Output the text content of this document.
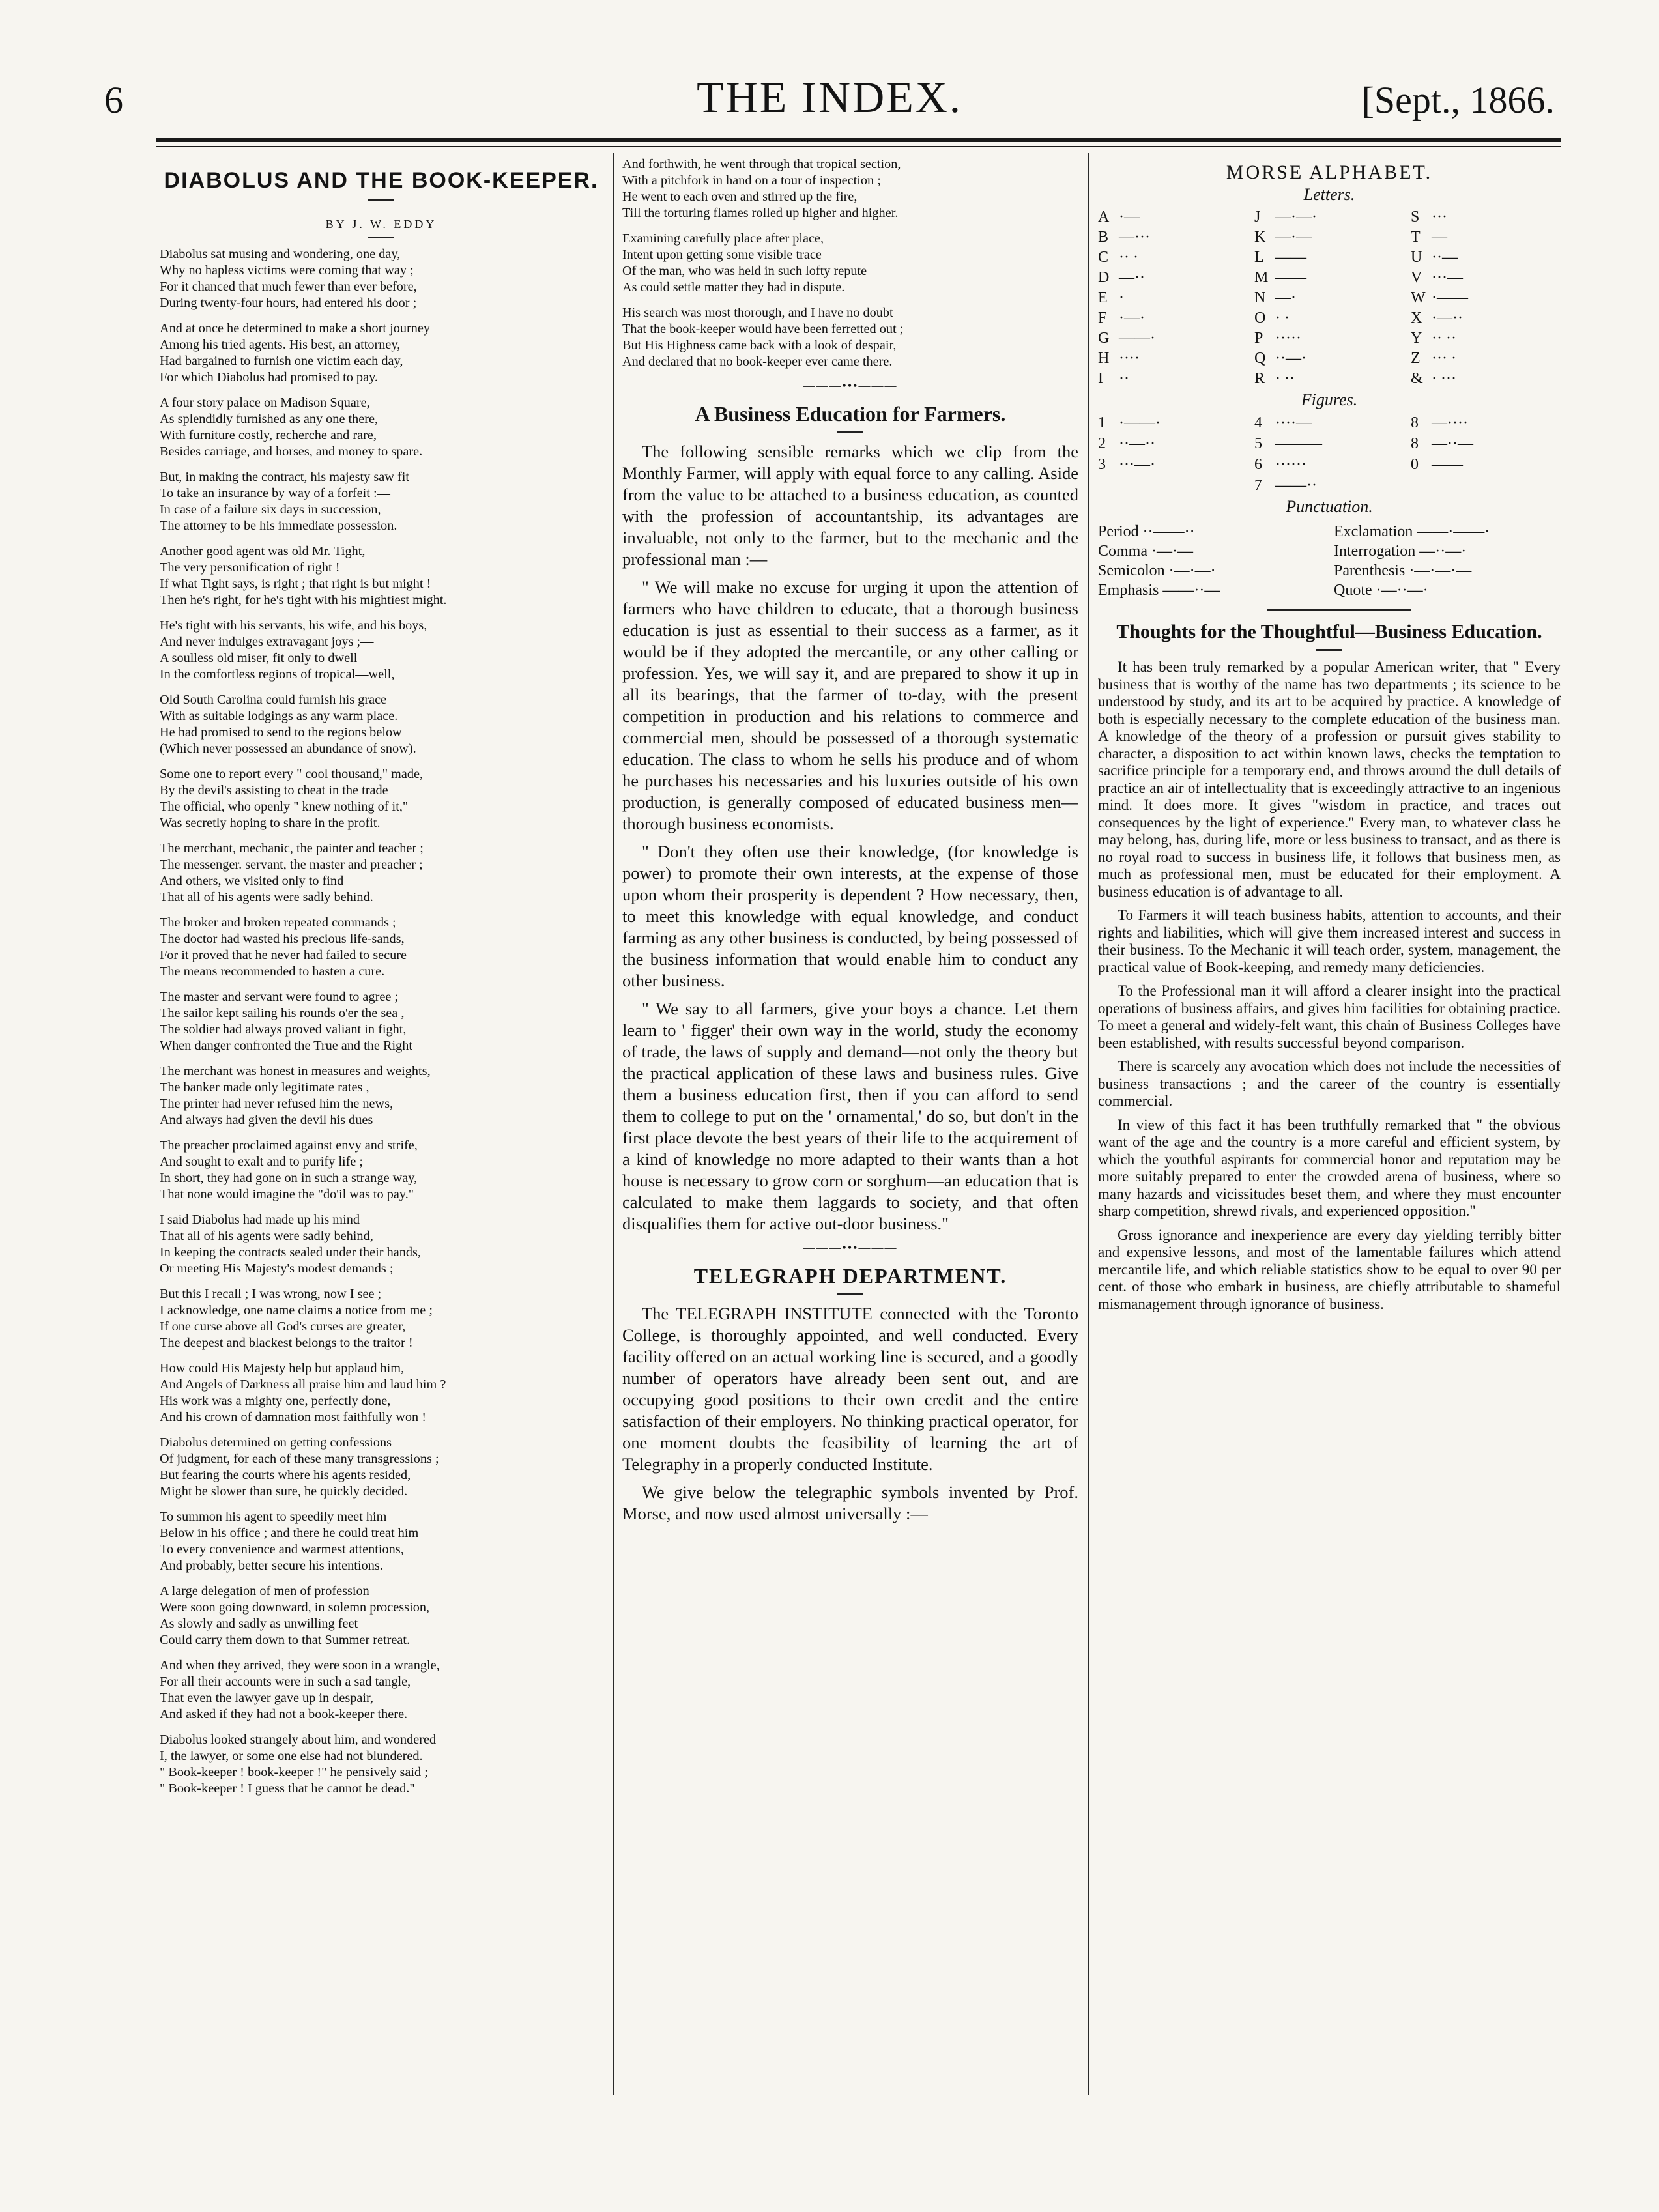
6	THE INDEX.	[Sept., 1866.
DIABOLUS AND THE BOOK-KEEPER.
BY J. W. EDDY
Diabolus sat musing and wondering, one day,
Why no hapless victims were coming that way ;
For it chanced that much fewer than ever before,
During twenty-four hours, had entered his door ;
And at once he determined to make a short journey
Among his tried agents. His best, an attorney,
Had bargained to furnish one victim each day,
For which Diabolus had promised to pay.
A four story palace on Madison Square,
As splendidly furnished as any one there,
With furniture costly, recherche and rare,
Besides carriage, and horses, and money to spare.
But, in making the contract, his majesty saw fit
To take an insurance by way of a forfeit :—
In case of a failure six days in succession,
The attorney to be his immediate possession.
Another good agent was old Mr. Tight,
The very personification of right !
If what Tight says, is right ; that right is but might !
Then he's right, for he's tight with his mightiest might.
He's tight with his servants, his wife, and his boys,
And never indulges extravagant joys ;—
A soulless old miser, fit only to dwell
In the comfortless regions of tropical—well,
Old South Carolina could furnish his grace
With as suitable lodgings as any warm place.
He had promised to send to the regions below
(Which never possessed an abundance of snow).
Some one to report every " cool thousand," made,
By the devil's assisting to cheat in the trade
The official, who openly " knew nothing of it,"
Was secretly hoping to share in the profit.
The merchant, mechanic, the painter and teacher ;
The messenger. servant, the master and preacher ;
And others, we visited only to find
That all of his agents were sadly behind.
The broker and broken repeated commands ;
The doctor had wasted his precious life-sands,
For it proved that he never had failed to secure
The means recommended to hasten a cure.
The master and servant were found to agree ;
The sailor kept sailing his rounds o'er the sea ,
The soldier had always proved valiant in fight,
When danger confronted the True and the Right
The merchant was honest in measures and weights,
The banker made only legitimate rates ,
The printer had never refused him the news,
And always had given the devil his dues
The preacher proclaimed against envy and strife,
And sought to exalt and to purify life ;
In short, they had gone on in such a strange way,
That none would imagine the "do'il was to pay."
I said Diabolus had made up his mind
That all of his agents were sadly behind,
In keeping the contracts sealed under their hands,
Or meeting His Majesty's modest demands ;
But this I recall ; I was wrong, now I see ;
I acknowledge, one name claims a notice from me ;
If one curse above all God's curses are greater,
The deepest and blackest belongs to the traitor !
How could His Majesty help but applaud him,
And Angels of Darkness all praise him and laud him ?
His work was a mighty one, perfectly done,
And his crown of damnation most faithfully won !
Diabolus determined on getting confessions
Of judgment, for each of these many transgressions ;
But fearing the courts where his agents resided,
Might be slower than sure, he quickly decided.
To summon his agent to speedily meet him
Below in his office ; and there he could treat him
To every convenience and warmest attentions,
And probably, better secure his intentions.
A large delegation of men of profession
Were soon going downward, in solemn procession,
As slowly and sadly as unwilling feet
Could carry them down to that Summer retreat.
And when they arrived, they were soon in a wrangle,
For all their accounts were in such a sad tangle,
That even the lawyer gave up in despair,
And asked if they had not a book-keeper there.
Diabolus looked strangely about him, and wondered
I, the lawyer, or some one else had not blundered.
" Book-keeper ! book-keeper !" he pensively said ;
" Book-keeper ! I guess that he cannot be dead."
And forthwith, he went through that tropical section,
With a pitchfork in hand on a tour of inspection ;
He went to each oven and stirred up the fire,
Till the torturing flames rolled up higher and higher.
Examining carefully place after place,
Intent upon getting some visible trace
Of the man, who was held in such lofty repute
As could settle matter they had in dispute.
His search was most thorough, and I have no doubt
That the book-keeper would have been ferretted out ;
But His Highness came back with a look of despair,
And declared that no book-keeper ever came there.
———•••———
A Business Education for Farmers.

The following sensible remarks which we clip from the Monthly Farmer, will apply with equal force to any calling. Aside from the value to be attached to a business education, as counted with the profession of accountantship, its advantages are invaluable, not only to the farmer, but to the mechanic and the professional man :—

" We will make no excuse for urging it upon the attention of farmers who have children to educate, that a thorough business education is just as essential to their success as a farmer, as it would be if they adopted the mercantile, or any other calling or profession. Yes, we will say it, and are prepared to show it up in all its bearings, that the farmer of to-day, with the present competition in production and his relations to commerce and commercial men, should be possessed of a thorough systematic education. The class to whom he sells his produce and of whom he purchases his necessaries and his luxuries outside of his own production, is generally composed of educated business men—thorough business economists.

" Don't they often use their knowledge, (for knowledge is power) to promote their own interests, at the expense of those upon whom their prosperity is dependent ? How necessary, then, to meet this knowledge with equal knowledge, and conduct farming as any other business is conducted, by being possessed of the business information that would enable him to conduct any other business.

" We say to all farmers, give your boys a chance. Let them learn to ' figger' their own way in the world, study the economy of trade, the laws of supply and demand—not only the theory but the practical application of these laws and business rules. Give them a business education first, then if you can afford to send them to college to put on the ' ornamental,' do so, but don't in the first place devote the best years of their life to the acquirement of a kind of knowledge no more adapted to their wants than a hot house is necessary to grow corn or sorghum—an education that is calculated to make them laggards to society, and that often disqualifies them for active out-door business."

———•••———
TELEGRAPH DEPARTMENT.

The TELEGRAPH INSTITUTE connected with the Toronto College, is thoroughly appointed, and well conducted. Every facility offered on an actual working line is secured, and a goodly number of operators have already been sent out, and are occupying good positions to their own credit and the entire satisfaction of their employers. No thinking practical operator, for one moment doubts the feasibility of learning the art of Telegraphy in a properly conducted Institute.

We give below the telegraphic symbols invented by Prof. Morse, and now used almost universally :—

MORSE ALPHABET.
Letters.
A ·—	J —·—·	S ···
B —···	K —·—	T —
C ·· ·	L ——	U ··—
D —··	M ——	V ···—
E ·	N —·	W ·——
F ·—·	O · ·	X ·—··
G ——·	P ·····	Y ·· ··
H ····	Q ··—·	Z ··· ·
I ··	R · ··	& · ···
Figures.
1 ·——·	4 ····—	8 —····
2 ··—··	5 ———	8 —··—
3 ···—·	6 ······	0 ——
7 ——··
Punctuation.
Period ··——··	Exclamation ——·——·
Comma ·—·—	Interrogation —··—·
Semicolon ·—·—·	Parenthesis ·—·—·—
Emphasis ——··—	Quote ·—··—·
Thoughts for the Thoughtful—Business Education.

It has been truly remarked by a popular American writer, that " Every business that is worthy of the name has two departments ; its science to be understood by study, and its art to be acquired by practice. A knowledge of both is especially necessary to the complete education of the business man. A knowledge of the theory of a profession or pursuit gives stability to character, a disposition to act within known laws, checks the temptation to sacrifice principle for a temporary end, and throws around the dull details of practice an air of intellectuality that is exceedingly attractive to an ingenious mind. It does more. It gives "wisdom in practice, and traces out consequences by the light of experience." Every man, to whatever class he may belong, has, during life, more or less business to transact, and as there is no royal road to success in business life, it follows that business men, as much as professional men, must be educated for their employment. A business education is of advantage to all.

To Farmers it will teach business habits, attention to accounts, and their rights and liabilities, which will give them increased interest and success in their business. To the Mechanic it will teach order, system, management, the practical value of Book-keeping, and remedy many deficiencies.

To the Professional man it will afford a clearer insight into the practical operations of business affairs, and gives him facilities for obtaining practice. To meet a general and widely-felt want, this chain of Business Colleges have been established, with results successful beyond comparison.

There is scarcely any avocation which does not include the necessities of business transactions ; and the career of the country is essentially commercial.

In view of this fact it has been truthfully remarked that " the obvious want of the age and the country is a more careful and efficient system, by which the youthful aspirants for commercial honor and reputation may be more suitably prepared to enter the crowded arena of business, where so many hazards and vicissitudes beset them, and where they must encounter sharp competition, shrewd rivals, and experienced opposition."

Gross ignorance and inexperience are every day yielding terribly bitter and expensive lessons, and most of the lamentable failures which attend mercantile life, and which reliable statistics show to be equal to over 90 per cent. of those who embark in business, are chiefly attributable to shameful mismanagement through ignorance of business.
